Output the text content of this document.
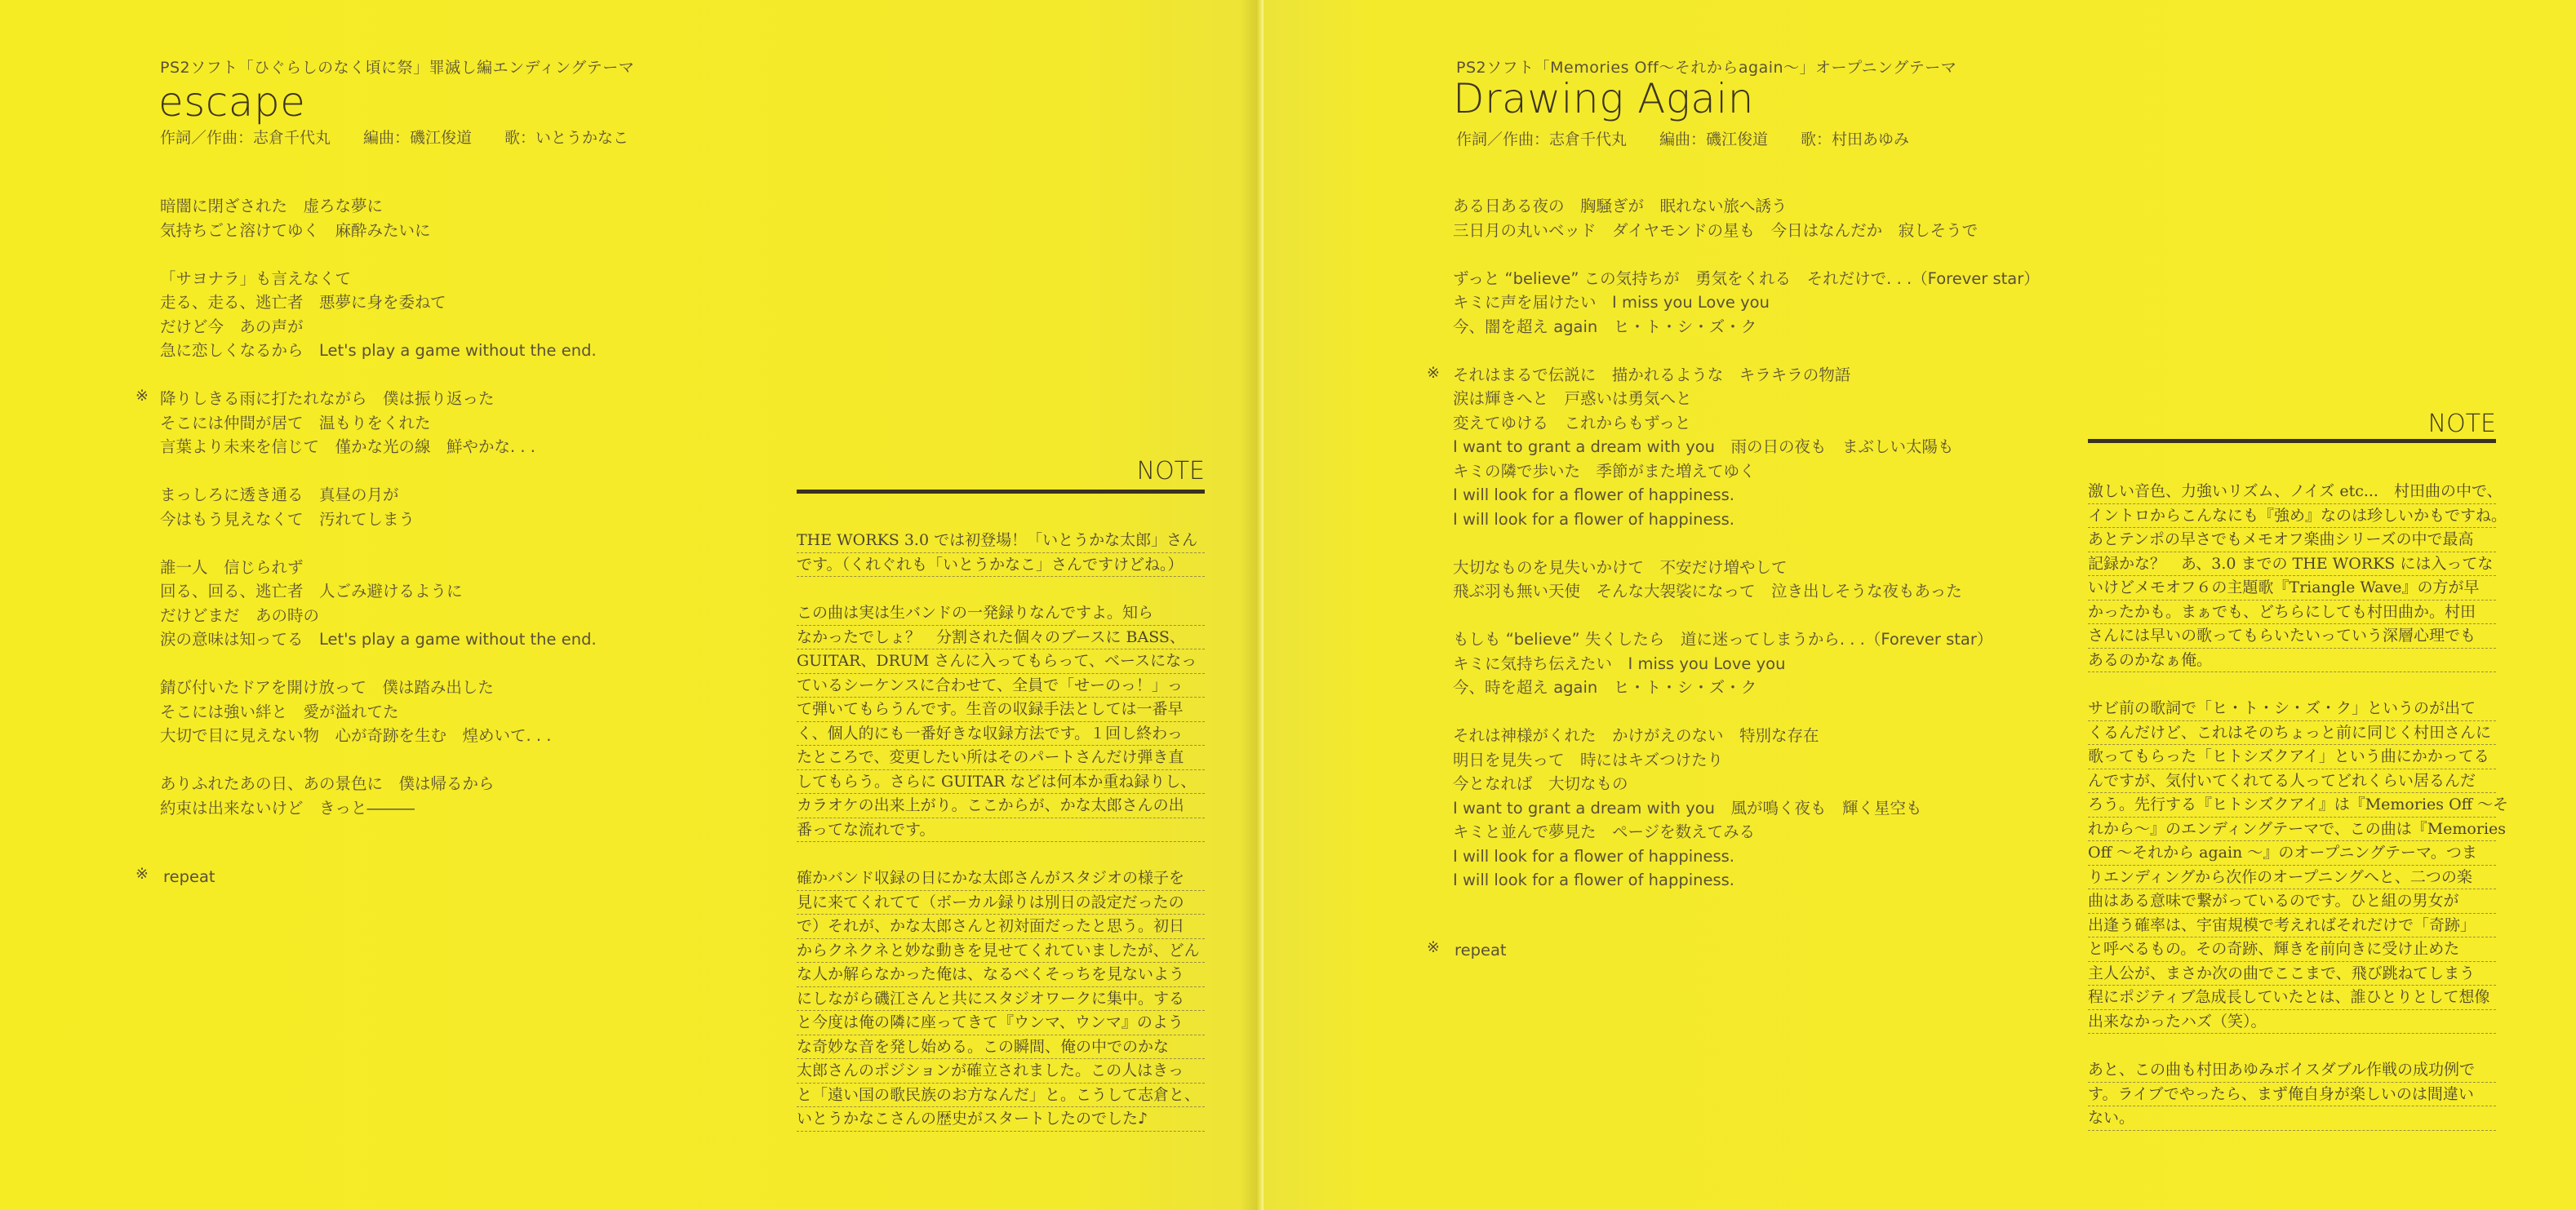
PS2ソフト「ひぐらしのなく頃に祭」罪滅し編エンディングテーマ
escape
作詞／作曲：志倉千代丸 編曲：磯江俊道 歌：いとうかなこ
暗闇に閉ざされた　虚ろな夢に
気持ちごと溶けてゆく　麻酔みたいに
「サヨナラ」も言えなくて
走る、走る、逃亡者　悪夢に身を委ねて
だけど今　あの声が
急に恋しくなるから　Let's play a game without the end.
降りしきる雨に打たれながら　僕は振り返った
そこには仲間が居て　温もりをくれた
言葉より未来を信じて　僅かな光の線　鮮やかな. . .
まっしろに透き通る　真昼の月が
今はもう見えなくて　汚れてしまう
誰一人　信じられず
回る、回る、逃亡者　人ごみ避けるように
だけどまだ　あの時の
涙の意味は知ってる　Let's play a game without the end.
錆び付いたドアを開け放って　僕は踏み出した
そこには強い絆と　愛が溢れてた
大切で目に見えない物　心が奇跡を生む　煌めいて. . .
ありふれたあの日、あの景色に　僕は帰るから
約束は出来ないけど　きっと―――
※
※ repeat
NOTE

THE WORKS 3.0 では初登場！「いとうかな太郎」さん
です。（くれぐれも「いとうかなこ」さんですけどね。）

この曲は実は生バンドの一発録りなんですよ。知ら
なかったでしょ？　分割された個々のブースに BASS、
GUITAR、DRUM さんに入ってもらって、ベースになっ
ているシーケンスに合わせて、全員で「せーのっ！」っ
て弾いてもらうんです。生音の収録手法としては一番早
く、個人的にも一番好きな収録方法です。１回し終わっ
たところで、変更したい所はそのパートさんだけ弾き直
してもらう。さらに GUITAR などは何本か重ね録りし、
カラオケの出来上がり。ここからが、かな太郎さんの出
番ってな流れです。

確かバンド収録の日にかな太郎さんがスタジオの様子を
見に来てくれてて（ボーカル録りは別日の設定だったの
で）それが、かな太郎さんと初対面だったと思う。初日
からクネクネと妙な動きを見せてくれていましたが、どん
な人か解らなかった俺は、なるべくそっちを見ないよう
にしながら磯江さんと共にスタジオワークに集中。する
と今度は俺の隣に座ってきて『ウンマ、ウンマ』のよう
な奇妙な音を発し始める。この瞬間、俺の中でのかな
太郎さんのポジションが確立されました。この人はきっ
と「遠い国の歌民族のお方なんだ」と。こうして志倉と、
いとうかなこさんの歴史がスタートしたのでした♪

PS2ソフト「Memories Off〜それからagain〜」オープニングテーマ
Drawing Again
作詞／作曲：志倉千代丸 編曲：磯江俊道 歌：村田あゆみ
ある日ある夜の　胸騒ぎが　眠れない旅へ誘う
三日月の丸いベッド　ダイヤモンドの星も　今日はなんだか　寂しそうで
ずっと “believe” この気持ちが　勇気をくれる　それだけで. . .（Forever star）
キミに声を届けたい　I miss you Love you
今、闇を超え again　ヒ・ト・シ・ズ・ク
それはまるで伝説に　描かれるような　キラキラの物語
涙は輝きへと　戸惑いは勇気へと
変えてゆける　これからもずっと
I want to grant a dream with you　雨の日の夜も　まぶしい太陽も
キミの隣で歩いた　季節がまた増えてゆく
I will look for a flower of happiness.
I will look for a flower of happiness.
大切なものを見失いかけて　不安だけ増やして
飛ぶ羽も無い天使　そんな大袈裟になって　泣き出しそうな夜もあった
もしも “believe” 失くしたら　道に迷ってしまうから. . .（Forever star）
キミに気持ち伝えたい　I miss you Love you
今、時を超え again　ヒ・ト・シ・ズ・ク
それは神様がくれた　かけがえのない　特別な存在
明日を見失って　時にはキズつけたり
今となれば　大切なもの
I want to grant a dream with you　風が鳴く夜も　輝く星空も
キミと並んで夢見た　ページを数えてみる
I will look for a flower of happiness.
I will look for a flower of happiness.
※
※ repeat
NOTE

激しい音色、力強いリズム、ノイズ etc...　村田曲の中で、
イントロからこんなにも『強め』なのは珍しいかもですね。
あとテンポの早さでもメモオフ楽曲シリーズの中で最高
記録かな？　あ、3.0 までの THE WORKS には入ってな
いけどメモオフ６の主題歌『Triangle Wave』の方が早
かったかも。まぁでも、どちらにしても村田曲か。村田
さんには早いの歌ってもらいたいっていう深層心理でも
あるのかなぁ俺。

サビ前の歌詞で「ヒ・ト・シ・ズ・ク」というのが出て
くるんだけど、これはそのちょっと前に同じく村田さんに
歌ってもらった「ヒトシズクアイ」という曲にかかってる
んですが、気付いてくれてる人ってどれくらい居るんだ
ろう。先行する『ヒトシズクアイ』は『Memories Off 〜そ
れから〜』のエンディングテーマで、この曲は『Memories
Off 〜それから again 〜』のオープニングテーマ。つま
りエンディングから次作のオープニングへと、二つの楽
曲はある意味で繋がっているのです。ひと組の男女が
出逢う確率は、宇宙規模で考えればそれだけで「奇跡」
と呼べるもの。その奇跡、輝きを前向きに受け止めた
主人公が、まさか次の曲でここまで、飛び跳ねてしまう
程にポジティブ急成長していたとは、誰ひとりとして想像
出来なかったハズ（笑）。

あと、この曲も村田あゆみボイスダブル作戦の成功例で
す。ライブでやったら、まず俺自身が楽しいのは間違い
ない。
